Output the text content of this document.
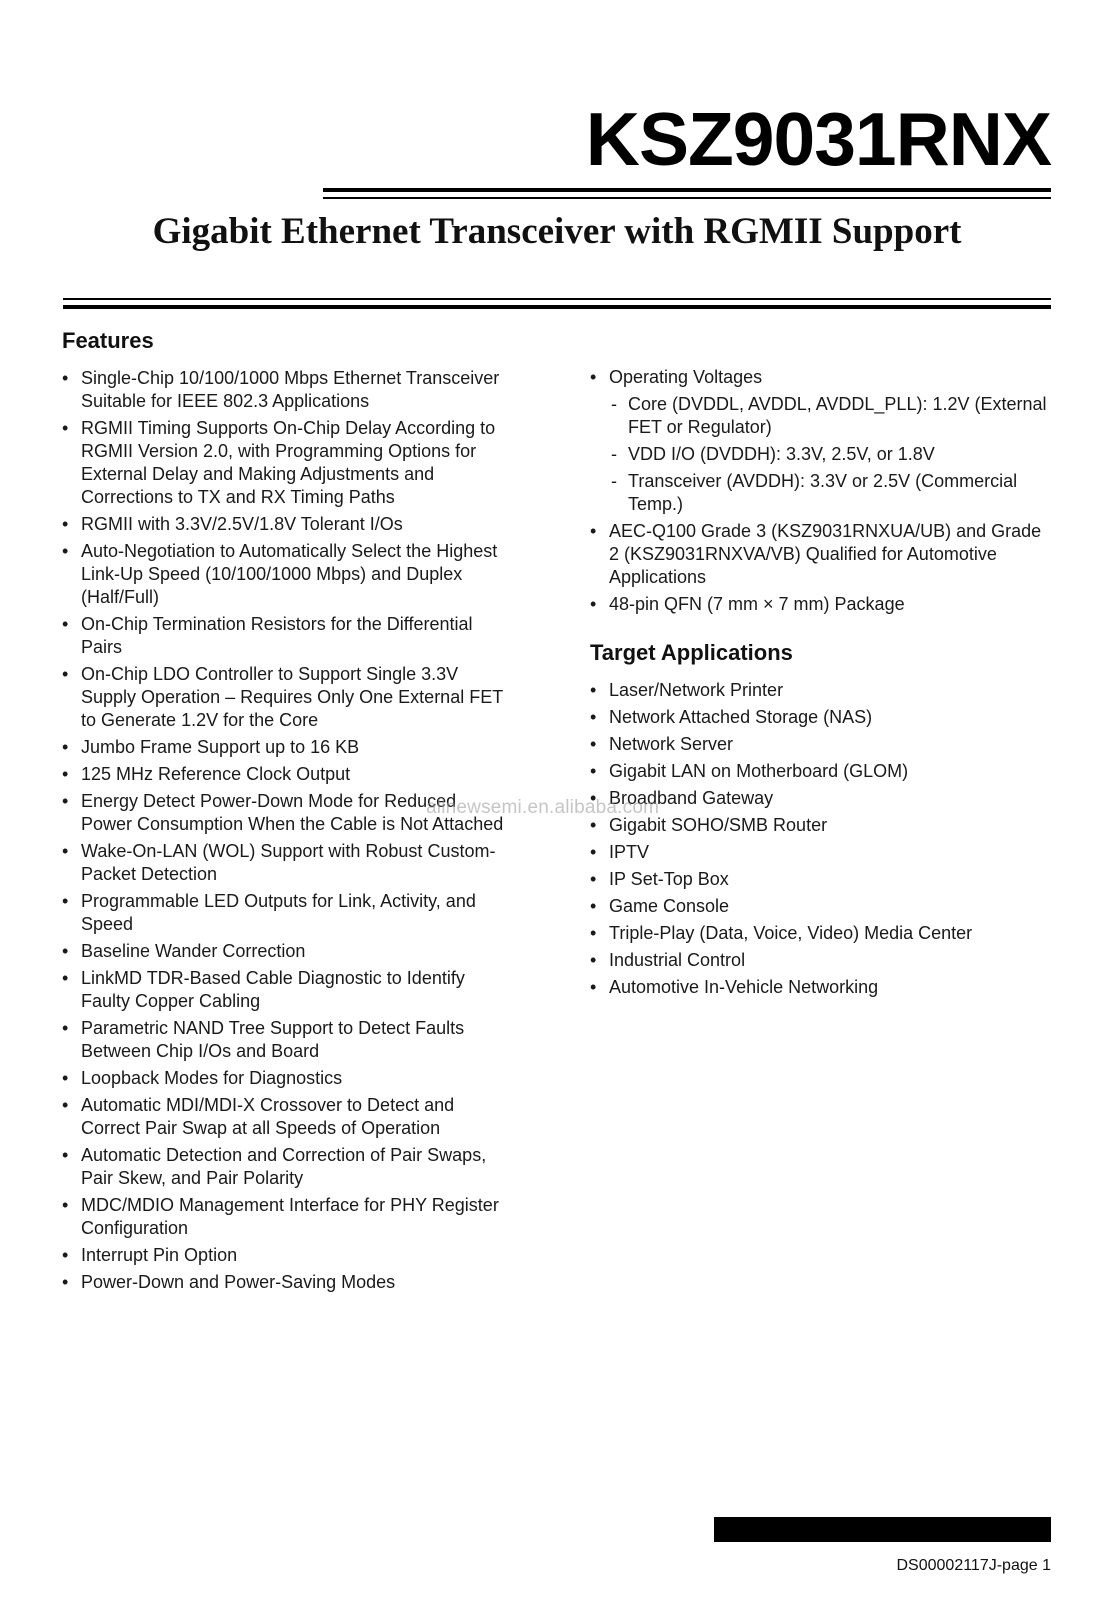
KSZ9031RNX
Gigabit Ethernet Transceiver with RGMII Support
Features
• Single-Chip 10/100/1000 Mbps Ethernet Transceiver Suitable for IEEE 802.3 Applications
• RGMII Timing Supports On-Chip Delay According to RGMII Version 2.0, with Programming Options for External Delay and Making Adjustments and Corrections to TX and RX Timing Paths
• RGMII with 3.3V/2.5V/1.8V Tolerant I/Os
• Auto-Negotiation to Automatically Select the Highest Link-Up Speed (10/100/1000 Mbps) and Duplex (Half/Full)
• On-Chip Termination Resistors for the Differential Pairs
• On-Chip LDO Controller to Support Single 3.3V Supply Operation – Requires Only One External FET to Generate 1.2V for the Core
• Jumbo Frame Support up to 16 KB
• 125 MHz Reference Clock Output
• Energy Detect Power-Down Mode for Reduced Power Consumption When the Cable is Not Attached
• Wake-On-LAN (WOL) Support with Robust Custom-Packet Detection
• Programmable LED Outputs for Link, Activity, and Speed
• Baseline Wander Correction
• LinkMD TDR-Based Cable Diagnostic to Identify Faulty Copper Cabling
• Parametric NAND Tree Support to Detect Faults Between Chip I/Os and Board
• Loopback Modes for Diagnostics
• Automatic MDI/MDI-X Crossover to Detect and Correct Pair Swap at all Speeds of Operation
• Automatic Detection and Correction of Pair Swaps, Pair Skew, and Pair Polarity
• MDC/MDIO Management Interface for PHY Register Configuration
• Interrupt Pin Option
• Power-Down and Power-Saving Modes
• Operating Voltages
- Core (DVDDL, AVDDL, AVDDL_PLL): 1.2V (External FET or Regulator)
- VDD I/O (DVDDH): 3.3V, 2.5V, or 1.8V
- Transceiver (AVDDH): 3.3V or 2.5V (Commercial Temp.)
• AEC-Q100 Grade 3 (KSZ9031RNXUA/UB) and Grade 2 (KSZ9031RNXVA/VB) Qualified for Automotive Applications
• 48-pin QFN (7 mm × 7 mm) Package
Target Applications
• Laser/Network Printer
• Network Attached Storage (NAS)
• Network Server
• Gigabit LAN on Motherboard (GLOM)
• Broadband Gateway
• Gigabit SOHO/SMB Router
• IPTV
• IP Set-Top Box
• Game Console
• Triple-Play (Data, Voice, Video) Media Center
• Industrial Control
• Automotive In-Vehicle Networking
allnewsemi.en.alibaba.com
DS00002117J-page 1
